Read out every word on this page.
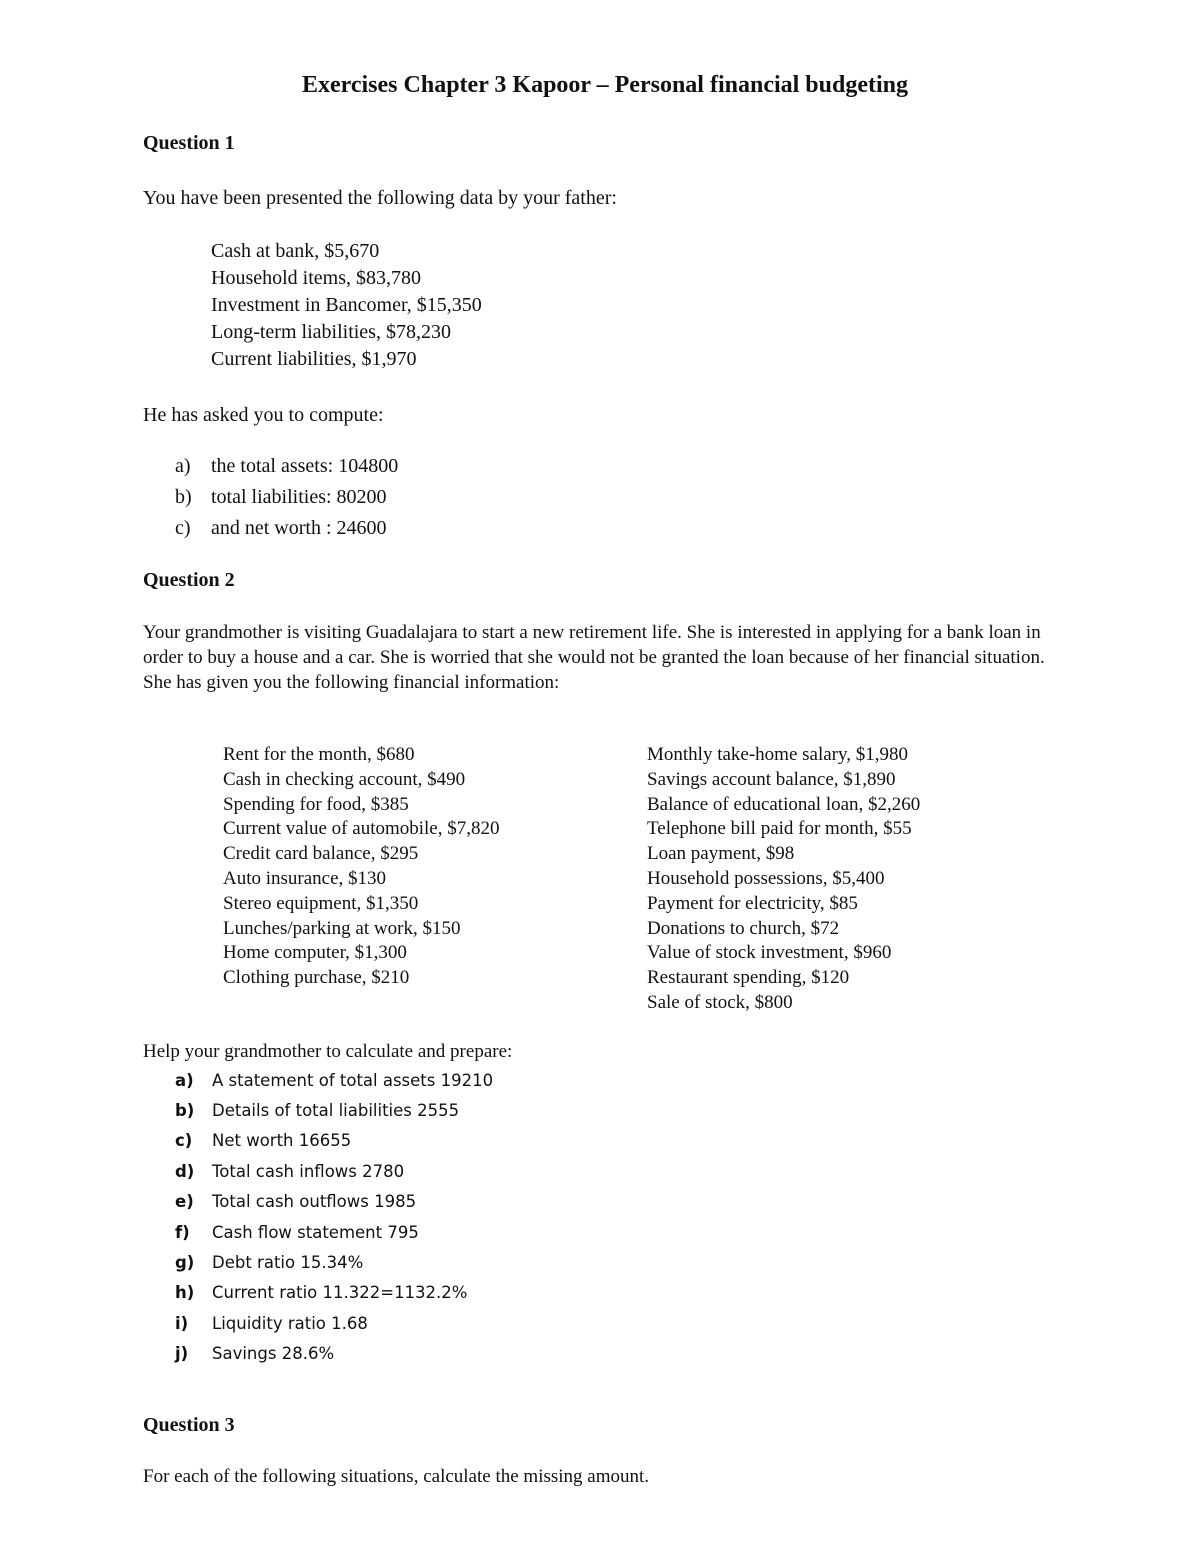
Exercises Chapter 3 Kapoor – Personal financial budgeting
Question 1
You have been presented the following data by your father:
Cash at bank, $5,670
Household items, $83,780
Investment in Bancomer, $15,350
Long-term liabilities, $78,230
Current liabilities, $1,970
He has asked you to compute:
a)	the total assets: 104800
b) total liabilities: 80200
c)	and net worth : 24600
Question 2
Your grandmother is visiting Guadalajara to start a new retirement life. She is interested in applying for a bank loan in order to buy a house and a car. She is worried that she would not be granted the loan because of her financial situation. She has given you the following financial information:
Rent for the month, $680
Cash in checking account, $490
Spending for food, $385
Current value of automobile, $7,820
Credit card balance, $295
Auto insurance, $130
Stereo equipment, $1,350
Lunches/parking at work, $150
Home computer, $1,300
Clothing purchase, $210
Monthly take-home salary, $1,980
Savings account balance, $1,890
Balance of educational loan, $2,260
Telephone bill paid for month, $55
Loan payment, $98
Household possessions, $5,400
Payment for electricity, $85
Donations to church, $72
Value of stock investment, $960
Restaurant spending, $120
Sale of stock, $800
Help your grandmother to calculate and prepare:
a)	A statement of total assets 19210
b)	Details of total liabilities 2555
c)	Net worth 16655
d)	Total cash inflows 2780
e)	Total cash outflows 1985
f)	Cash flow statement 795
g)	Debt ratio 15.34%
h)	Current ratio 11.322=1132.2%
i)	Liquidity ratio 1.68
j)	Savings 28.6%
Question 3
For each of the following situations, calculate the missing amount.
